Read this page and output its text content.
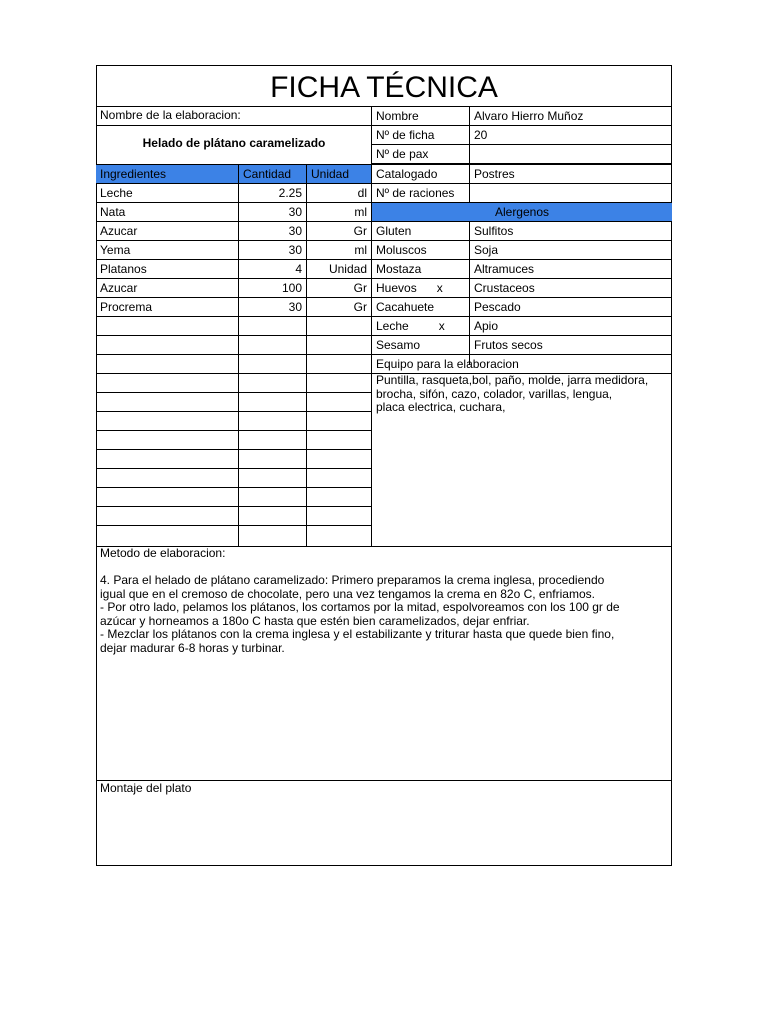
FICHA TÉCNICA
Nombre de la elaboracion:
Helado de plátano caramelizado
Nombre	Alvaro Hierro Muñoz
Nº de ficha	20
Nº de pax
Ingredientes	Cantidad	Unidad	Catalogado	Postres
Nº de raciones
Alergenos
Leche	2.25	dl
Nata	30	ml
Azucar	30	Gr
Yema	30	ml
Platanos	4	Unidad
Azucar	100	Gr
Procrema	30	Gr
Gluten	Sulfitos
Moluscos	Soja
Mostaza	Altramuces
Huevos      x	Crustaceos
Cacahuete	Pescado
Leche         x	Apio
Sesamo	Frutos secos
Equipo para la elaboracion
Puntilla, rasqueta,bol, paño, molde, jarra medidora,
brocha, sifón, cazo, colador, varillas, lengua,
placa electrica, cuchara,
Metodo de elaboracion:
4. Para el helado de plátano caramelizado: Primero preparamos la crema inglesa, procediendo
igual que en el cremoso de chocolate, pero una vez tengamos la crema en 82o C, enfriamos.
- Por otro lado, pelamos los plátanos, los cortamos por la mitad, espolvoreamos con los 100 gr de
azúcar y horneamos a 180o C hasta que estén bien caramelizados, dejar enfriar.
- Mezclar los plátanos con la crema inglesa y el estabilizante y triturar hasta que quede bien fino,
dejar madurar 6-8 horas y turbinar.
Montaje del plato
